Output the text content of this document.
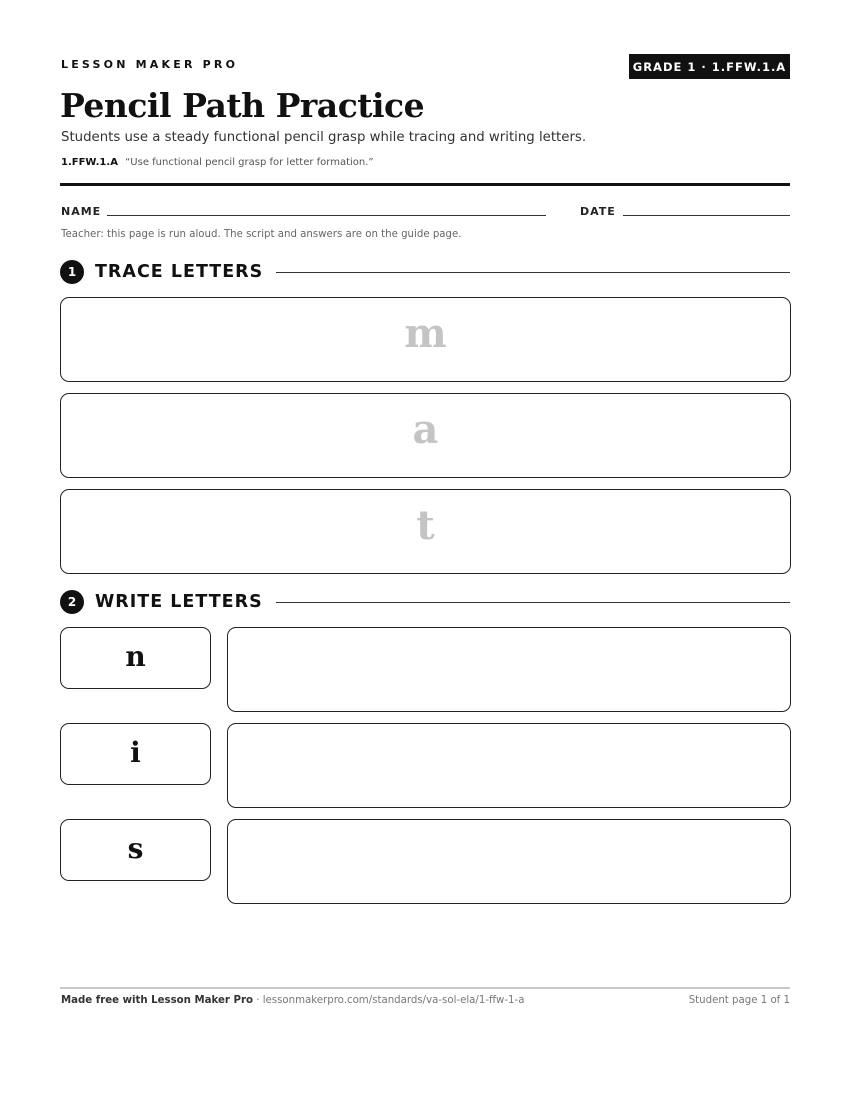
LESSON MAKER PRO	GRADE 1 · 1.FFW.1.A
Pencil Path Practice
Students use a steady functional pencil grasp while tracing and writing letters.
1.FFW.1.A “Use functional pencil grasp for letter formation.”
NAME	DATE
Teacher: this page is run aloud. The script and answers are on the guide page.
1	TRACE LETTERS
m
a
t
2	WRITE LETTERS
n
i
s
Made free with Lesson Maker Pro · lessonmakerpro.com/standards/va-sol-ela/1-ffw-1-a	Student page 1 of 1
